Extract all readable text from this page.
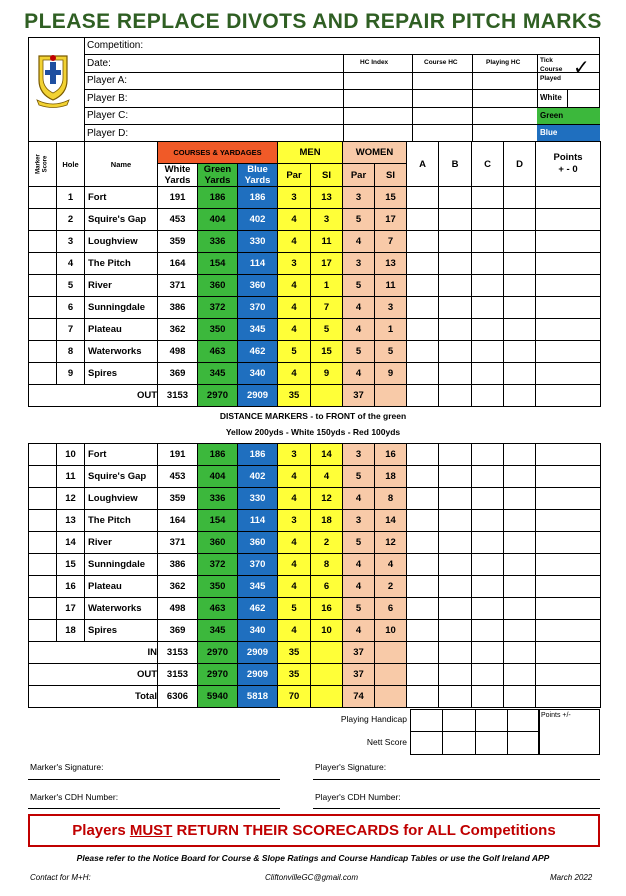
PLEASE REPLACE DIVOTS AND REPAIR PITCH MARKS
Competition:
Date:	HC Index	Course HC	Playing HC	Tick Course Played ✓
Player A:
Player B:
Player C:
Player D:
White
Green
Blue
Marker Score	Hole	Name	COURSES & YARDAGES			MEN		WOMEN		A	B	C	D	Points
+ - 0

			White Yards	Green Yards	Blue Yards	Par	SI	Par	SI					
	1	Fort	191	186	186	3	13	3	15					
	2	Squire's Gap	453	404	402	4	3	5	17					
	3	Loughview	359	336	330	4	11	4	7					
	4	The Pitch	164	154	114	3	17	3	13					
	5	River	371	360	360	4	1	5	11					
	6	Sunningdale	386	372	370	4	7	4	3					
	7	Plateau	362	350	345	4	5	4	1					
	8	Waterworks	498	463	462	5	15	5	5					
	9	Spires	369	345	340	4	9	4	9					
OUT			3153	2970	2909	35		37						
DISTANCE MARKERS - to FRONT of the green
Yellow 200yds - White 150yds - Red 100yds
	10	Fort	191	186	186	3	14	3	16					
	11	Squire's Gap	453	404	402	4	4	5	18					
	12	Loughview	359	336	330	4	12	4	8					
	13	The Pitch	164	154	114	3	18	3	14					
	14	River	371	360	360	4	2	5	12					
	15	Sunningdale	386	372	370	4	8	4	4					
	16	Plateau	362	350	345	4	6	4	2					
	17	Waterworks	498	463	462	5	16	5	6					
	18	Spires	369	345	340	4	10	4	10					
IN			3153	2970	2909	35		37						
OUT			3153	2970	2909	35		37						
Total			6306	5940	5818	70		74						
Playing Handicap
Nett Score
Points +/-
Marker's Signature:	Player's Signature:
Marker's CDH Number:	Player's CDH Number:
Players MUST RETURN THEIR SCORECARDS for ALL Competitions
Please refer to the Notice Board for Course & Slope Ratings and Course Handicap Tables or use the Golf Ireland APP
Contact for M+H:	CliftonvilleGC@gmail.com	March 2022
